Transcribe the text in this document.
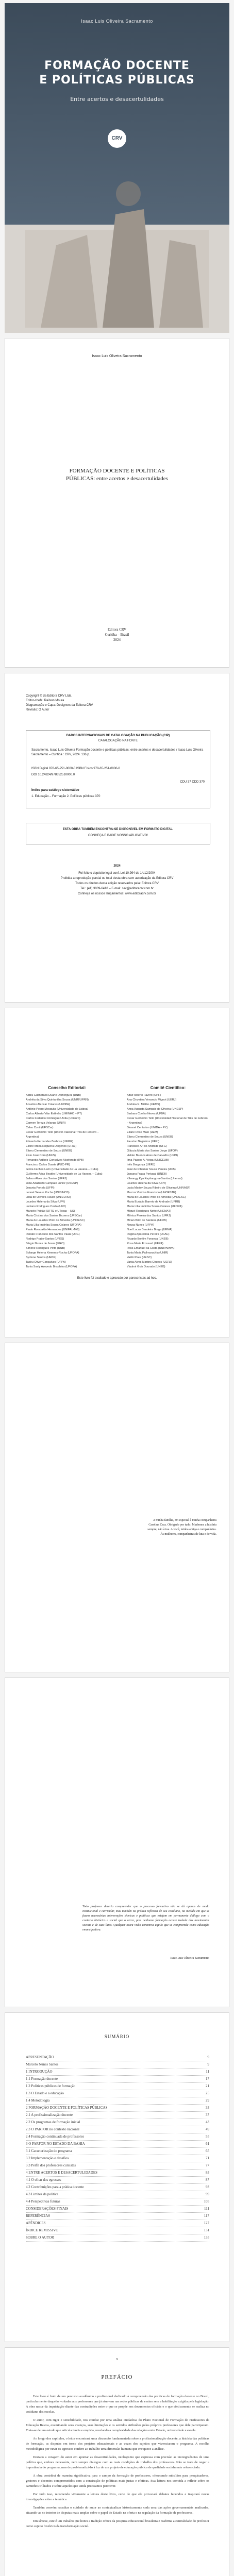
Isaac Luis Oliveira Sacramento
FORMAÇÃO DOCENTE
E POLÍTICAS PÚBLICAS
Entre acertos e desacertulidades
CRV
Isaac Luis Oliveira Sacramento
FORMAÇÃO DOCENTE E POLÍTICAS
PÚBLICAS: entre acertos e desacertulidades
Editora CRV
Curitiba – Brasil
2024
Copyright © da Editora CRV Ltda.
Editor-chefe: Railson Moura
Diagramação e Capa: Designers da Editora CRV
Revisão: O Autor
DADOS INTERNACIONAIS DE CATALOGAÇÃO NA PUBLICAÇÃO (CIP)
CATALOGAÇÃO NA FONTE
Sacramento, Isaac Luis Oliveira Formação docente e políticas públicas: entre acertos e desacertulidades / Isaac Luis Oliveira Sacramento – Curitiba : CRV, 2024. 136 p.
ISBN Digital 978-65-251-0000-0 ISBN Físico 978-65-251-0000-0
DOI 10.24824/978652510000.0
CDU 37 CDD 370
Índice para catálogo sistemático
1. Educação – Formação 2. Políticas públicas 370
ESTA OBRA TAMBÉM ENCONTRA-SE DISPONÍVEL EM FORMATO DIGITAL.
CONHEÇA E BAIXE NOSSO APLICATIVO!
2024
Foi feito o depósito legal conf. Lei 10.994 de 14/12/2004
Proibida a reprodução parcial ou total desta obra sem autorização da Editora CRV
Todos os direitos desta edição reservados pela: Editora CRV
Tel.: (41) 3039-6418 – E-mail: sac@editoracrv.com.br
Conheça os nossos lançamentos: www.editoracrv.com.br
Conselho Editorial:
Aldira Guimarães Duarte Domínguez (UNB)
Andréia da Silva Quintanilha Sousa (UNIR/UFRN)
Anselmo Alencar Colares (UFOPA)
Antônio Pedro Mesquita (Universidade de Lisboa)
Carlos Alberto Vilar Estêvão (UMINHO – PT)
Carlos Federico Dominguez Avila (Unieuro)
Carmen Tereza Velanga (UNIR)
Celso Conti (UFSCar)
Cesar Gerónimo Tello (Univer. Nacional Três de Febrero – Argentina)
Eduardo Fernandes Barbosa (UFMG)
Elione Maria Nogueira Diogenes (UFAL)
Elizeu Clementino de Souza (UNEB)
Élsio José Corá (UFFS)
Fernando Antônio Gonçalves Alcoforado (IPB)
Francisco Carlos Duarte (PUC-PR)
Gloria Fariñas León (Universidade de La Havana – Cuba)
Guillermo Arias Beatón (Universidade de La Havana – Cuba)
Jailson Alves dos Santos (UFRJ)
João Adalberto Campato Junior (UNESP)
Josania Portela (UFPI)
Leonel Severo Rocha (UNISINOS)
Lídia de Oliveira Xavier (UNIEURO)
Lourdes Helena da Silva (UFV)
Luciano Rodrigues Costa (UFV)
Marcelo Paixão (UFRJ e UTexas – US)
Maria Cristina dos Santos Bezerra (UFSCar)
Maria de Lourdes Pinto de Almeida (UNOESC)
Maria Lília Imbiriba Sousa Colares (UFOPA)
Paulo Romualdo Hernandes (UNIFAL-MG)
Renato Francisco dos Santos Paula (UFG)
Rodrigo Pratte-Santos (UFES)
Sérgio Nunes de Jesus (IFRO)
Simone Rodrigues Pinto (UNB)
Solange Helena Ximenes-Rocha (UFOPA)
Sydione Santos (UEPG)
Tadeu Oliver Gonçalves (UFPA)
Tania Suely Azevedo Brasileiro (UFOPA)
Comitê Científico:
Altair Alberto Fávero (UPF)
Ana Chrystina Venancio Mignot (UERJ)
Andréia N. Militão (UEMS)
Anna Augusta Sampaio de Oliveira (UNESP)
Barbara Coelho Neves (UFBA)
Cesar Gerónimo Tello (Universidad Nacional de Três de Febrero – Argentina)
Diosnel Centurion (UNIDA – PY)
Eliane Rose Maio (UEM)
Elizeu Clementino de Souza (UNEB)
Fauston Negreiros (UFPI)
Francisco Ari de Andrade (UFC)
Gláucia Maria dos Santos Jorge (UFOP)
Helder Buenos Aires de Carvalho (UFPI)
Ilma Passos A. Veiga (UNICEUB)
Inês Bragança (UERJ)
José de Ribamar Sousa Pereira (UCB)
Jussara Fraga Portugal (UNEB)
Kilwangy Kya Kapitango-a-Samba (Unemat)
Lourdes Helena da Silva (UFV)
Lucia Marisy Souza Ribeiro de Oliveira (UNIVASF)
Marcos Vinicius Francisco (UNOESTE)
Maria de Lourdes Pinto de Almeida (UNOESC)
Maria Eurácia Barreto de Andrade (UFRB)
Maria Lília Imbiriba Sousa Colares (UFOPA)
Míguel Rodrigues Netto (UNEMAT)
Mônica Pereira dos Santos (UFRJ)
Mirian Brito de Santana (UFRB)
Neusa Nunes (UFPA)
Noel Lucas Bandeira Braga (UEMA)
Regina Aparecida Pereira (UFAC)
Ricardo Bonfim Fonseca (UNEB)
Rosa Maria Frossard (UFPA)
Ross Emanuel da Costa (UNIPAMPA)
Tania Maria Pallmaruchia (UNIR)
Valdir Pires (UESC)
Vania Alves Martins Chaves (UERJ)
Vladmir Gois Dourado (UNEB)
Este livro foi avaliado e aprovado por pareceristas ad hoc.
A minha família, em especial à minha companheira
Carolina Cruz. Obrigado por tudo. Mudemos a história
sempre, não à toa. A você, minha amiga e companheira.
Às mulheres, companheiras de luta e de vida.
Todo professor deveria compreender que o processo formativo não se dá apenas de modo institucional e curricular, mas também na prática reflexiva de seu cotidiano, na medida em que se fazem necessárias intervenções técnicas e políticas que estejam em permanente diálogo com o contexto histórico e social que o cerca, pois nenhuma formação ocorre isolada dos movimentos sociais e de suas lutas. Qualquer outra visão contraria aquilo que se compreende como educação emancipadora.
Isaac Luis Oliveira Sacramento
SUMÁRIO
APRESENTAÇÃO	9
Marcelo Nunes Santos	9
1 INTRODUÇÃO	11
1.1 Formação docente	17
1.2 Políticas públicas de formação	21
1.3 O Estado e a educação	25
1.4 Metodologia	29
2 FORMAÇÃO DOCENTE E POLÍTICAS PÚBLICAS	33
2.1 A profissionalização docente	37
2.2 Os programas de formação inicial	43
2.3 O PARFOR no contexto nacional	49
2.4 Formação continuada de professores	55
3 O PARFOR NO ESTADO DA BAHIA	61
3.1 Caracterização do programa	65
3.2 Implementação e desafios	71
3.3 Perfil dos professores cursistas	77
4 ENTRE ACERTOS E DESACERTULIDADES	83
4.1 O olhar dos egressos	87
4.2 Contribuições para a prática docente	93
4.3 Limites da política	99
4.4 Perspectivas futuras	105
CONSIDERAÇÕES FINAIS	111
REFERÊNCIAS	117
APÊNDICES	127
ÍNDICE REMISSIVO	131
SOBRE O AUTOR	135
9
PREFÁCIO

Este livro é fruto de um percurso acadêmico e profissional dedicado à compreensão das políticas de formação docente no Brasil, particularmente daquelas voltadas aos professores que já atuavam nas redes públicas de ensino sem a habilitação exigida pela legislação. A obra nasce da inquietação diante das contradições entre o que se propõe nos documentos oficiais e o que efetivamente se realiza no cotidiano das escolas.

O autor, com rigor e sensibilidade, nos conduz por uma análise cuidadosa do Plano Nacional de Formação de Professores da Educação Básica, examinando seus avanços, suas limitações e os sentidos atribuídos pelos próprios professores que dele participaram. Trata-se de um estudo que articula teoria e empiria, revelando a complexidade das relações entre Estado, universidade e escola.

Ao longo dos capítulos, o leitor encontrará uma discussão fundamentada sobre a profissionalização docente, a história das políticas de formação, as disputas em torno dos projetos educacionais e as vozes dos sujeitos que vivenciaram o programa. A escolha metodológica por ouvir os egressos confere ao trabalho uma dimensão humana que enriquece a análise.

Destaco a coragem do autor em apontar as desacertulidades, neologismo que expressa com precisão as incongruências de uma política que, embora necessária, nem sempre dialogou com as reais condições de trabalho dos professores. Não se trata de negar a importância do programa, mas de problematizá-lo à luz de um projeto de educação pública de qualidade socialmente referenciada.

A obra contribui de maneira significativa para o campo da formação de professores, oferecendo subsídios para pesquisadores, gestores e docentes comprometidos com a construção de políticas mais justas e efetivas. Sua leitura nos convida a refletir sobre os caminhos trilhados e sobre aqueles que ainda precisamos percorrer.

Por tudo isso, recomendo vivamente a leitura deste livro, certo de que ele provocará debates fecundos e inspirará novas investigações sobre a temática.

Também convém ressaltar o cuidado do autor ao contextualizar historicamente cada uma das ações governamentais analisadas, situando-as no interior de disputas mais amplas sobre o papel do Estado na oferta e na regulação da formação de professores.

Em síntese, este é um trabalho que honra a tradição crítica da pesquisa educacional brasileira e reafirma a centralidade do professor como sujeito histórico da transformação social.
